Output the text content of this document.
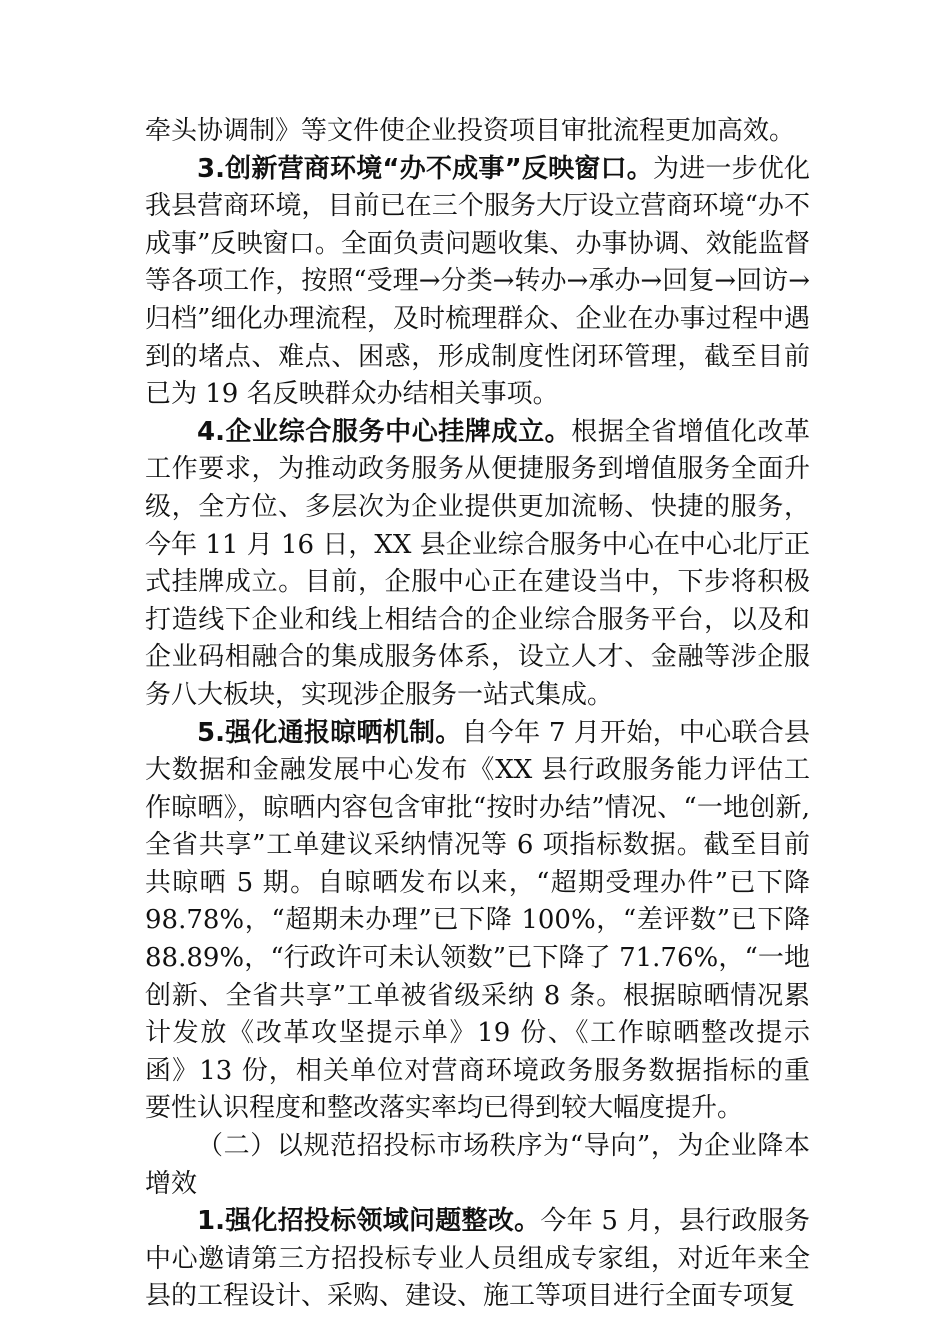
牵头协调制》等文件使企业投资项目审批流程更加高效。

3.创新营商环境“办不成事”反映窗口。为进一步优化我县营商环境，目前已在三个服务大厅设立营商环境“办不成事”反映窗口。全面负责问题收集、办事协调、效能监督等各项工作，按照“受理→分类→转办→承办→回复→回访→归档”细化办理流程，及时梳理群众、企业在办事过程中遇到的堵点、难点、困惑，形成制度性闭环管理，截至目前已为 19 名反映群众办结相关事项。

4.企业综合服务中心挂牌成立。根据全省增值化改革工作要求，为推动政务服务从便捷服务到增值服务全面升级，全方位、多层次为企业提供更加流畅、快捷的服务，今年 11 月 16 日，XX 县企业综合服务中心在中心北厅正式挂牌成立。目前，企服中心正在建设当中，下步将积极打造线下企业和线上相结合的企业综合服务平台，以及和企业码相融合的集成服务体系，设立人才、金融等涉企服务八大板块，实现涉企服务一站式集成。

5.强化通报晾晒机制。自今年 7 月开始，中心联合县大数据和金融发展中心发布《XX 县行政服务能力评估工作晾晒》，晾晒内容包含审批“按时办结”情况、“一地创新,全省共享”工单建议采纳情况等 6 项指标数据。截至目前共晾晒 5 期。自晾晒发布以来，“超期受理办件”已下降 98.78%，“超期未办理”已下降 100%，“差评数”已下降 88.89%，“行政许可未认领数”已下降了 71.76%，“一地创新、全省共享”工单被省级采纳 8 条。根据晾晒情况累计发放《改革攻坚提示单》19 份、《工作晾晒整改提示函》13 份，相关单位对营商环境政务服务数据指标的重要性认识程度和整改落实率均已得到较大幅度提升。

（二）以规范招投标市场秩序为“导向”，为企业降本增效

1.强化招投标领域问题整改。今年 5 月，县行政服务中心邀请第三方招投标专业人员组成专家组，对近年来全县的工程设计、采购、建设、施工等项目进行全面专项复
